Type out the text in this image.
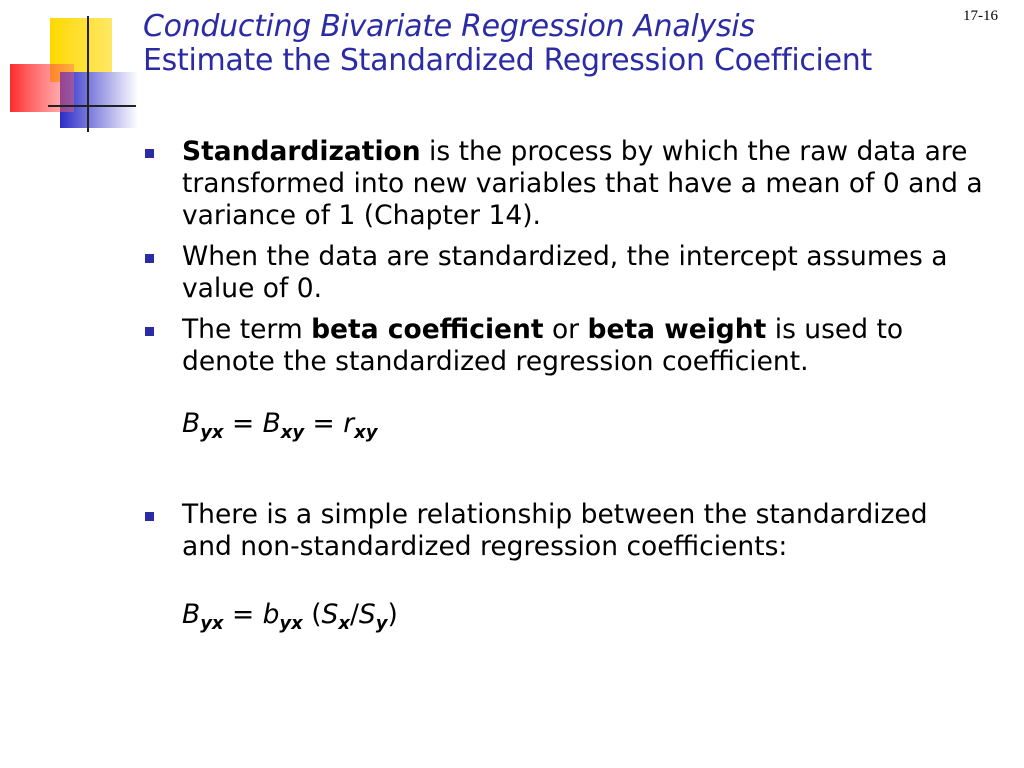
17-16
Conducting Bivariate Regression Analysis
Estimate the Standardized Regression Coefficient
Standardization is the process by which the raw data are transformed into new variables that have a mean of 0 and a variance of 1 (Chapter 14).
When the data are standardized, the intercept assumes a value of 0.
The term beta coefficient or beta weight is used to denote the standardized regression coefficient.
$B_{yx} = B_{xy} = r_{xy}$
There is a simple relationship between the standardized and non-standardized regression coefficients:
$B_{yx} = b_{yx}$ $(S_x/S_y)$
